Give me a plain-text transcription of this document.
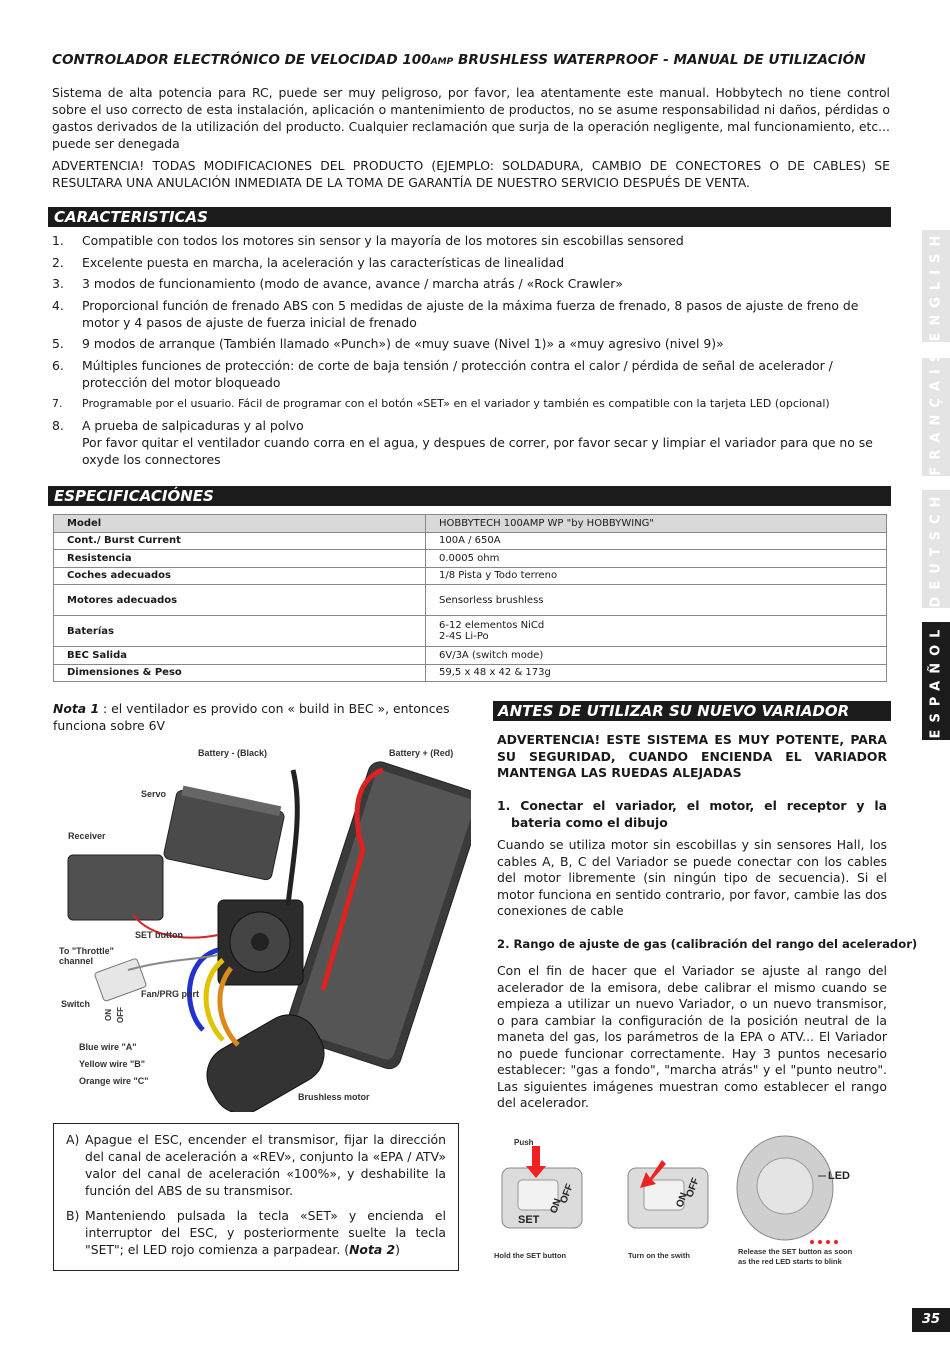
CONTROLADOR ELECTRÓNICO DE VELOCIDAD 100AMP BRUSHLESS WATERPROOF - MANUAL DE UTILIZACIÓN
Sistema de alta potencia para RC, puede ser muy peligroso, por favor, lea atentamente este manual. Hobbytech no tiene control sobre el uso correcto de esta instalación, aplicación o mantenimiento de productos, no se asume responsabilidad ni daños, pérdidas o gastos derivados de la utilización del producto. Cualquier reclamación que surja de la operación negligente, mal funcionamiento, etc... puede ser denegada
ADVERTENCIA! TODAS MODIFICACIONES DEL PRODUCTO (EJEMPLO: SOLDADURA, CAMBIO DE CONECTORES O DE CABLES) SE RESULTARA UNA ANULACIÓN INMEDIATA DE LA TOMA DE GARANTÍA DE NUESTRO SERVICIO DESPUÉS DE VENTA.
CARACTERISTICAS
1. Compatible con todos los motores sin sensor y la mayoría de los motores sin escobillas sensored
2. Excelente puesta en marcha, la aceleración y las características de linealidad
3. 3 modos de funcionamiento (modo de avance, avance / marcha atrás / «Rock Crawler»
4. Proporcional función de frenado ABS con 5 medidas de ajuste de la máxima fuerza de frenado, 8 pasos de ajuste de freno de motor y 4 pasos de ajuste de fuerza inicial de frenado
5. 9 modos de arranque (También llamado «Punch») de «muy suave (Nivel 1)» a «muy agresivo (nivel 9)»
6. Múltiples funciones de protección: de corte de baja tensión / protección contra el calor / pérdida de señal de acelerador / protección del motor bloqueado
7. Programable por el usuario. Fácil de programar con el botón «SET» en el variador y también es compatible con la tarjeta LED (opcional)
8. A prueba de salpicaduras y al polvo
Por favor quitar el ventilador cuando corra en el agua, y despues de correr, por favor secar y limpiar el variador para que no se oxyde los connectores
ESPECIFICACIÓNES
Model	HOBBYTECH 100AMP WP "by HOBBYWING"
Cont./ Burst Current	100A / 650A
Resistencia	0.0005 ohm
Coches adecuados	1/8 Pista y Todo terreno
Motores adecuados	Sensorless brushless
Baterías	6-12 elementos NiCd
2-4S Li-Po
BEC Salida	6V/3A (switch mode)
Dimensiones & Peso	59,5 x 48 x 42 & 173g
Nota 1 : el ventilador es provido con « build in BEC », entonces funciona sobre 6V
Battery - (Black)	Battery + (Red)
Servo
Receiver
SET button
To "Throttle"
channel
Switch
ON OFF
Fan/PRG port
Blue wire "A"
Yellow wire "B"
Orange wire "C"
Brushless motor
A) Apague el ESC, encender el transmisor, fijar la dirección del canal de aceleración a «REV», conjunto la «EPA / ATV» valor del canal de aceleración «100%», y deshabilite la función del ABS de su transmisor.
B) Manteniendo pulsada la tecla «SET» y encienda el interruptor del ESC, y posteriormente suelte la tecla "SET"; el LED rojo comienza a parpadear. (Nota 2)
ANTES DE UTILIZAR SU NUEVO VARIADOR
ADVERTENCIA! ESTE SISTEMA ES MUY POTENTE, PARA SU SEGURIDAD, CUANDO ENCIENDA EL VARIADOR MANTENGA LAS RUEDAS ALEJADAS
1. Conectar el variador, el motor, el receptor y la bateria como el dibujo
Cuando se utiliza motor sin escobillas y sin sensores Hall, los cables A, B, C del Variador se puede conectar con los cables del motor libremente (sin ningún tipo de secuencia). Si el motor funciona en sentido contrario, por favor, cambie las dos conexiones de cable
2. Rango de ajuste de gas (calibración del rango del acelerador)
Con el fin de hacer que el Variador se ajuste al rango del acelerador de la emisora, debe calibrar el mismo cuando se empieza a utilizar un nuevo Variador, o un nuevo transmisor, o para cambiar la configuración de la posición neutral de la maneta del gas, los parámetros de la EPA o ATV... El Variador no puede funcionar correctamente. Hay 3 puntos necesario establecer: "gas a fondo", "marcha atrás" y el "punto neutro". Las siguientes imágenes muestran como establecer el rango del acelerador.
Push
SET
OFF
ON
Hold the SET button
OFF
ON
Turn on the swith
LED
Release the SET button as soon
as the red LED starts to blink
ENGLISH
FRANÇAIS
DEUTSCH
ESPAÑOL
35
